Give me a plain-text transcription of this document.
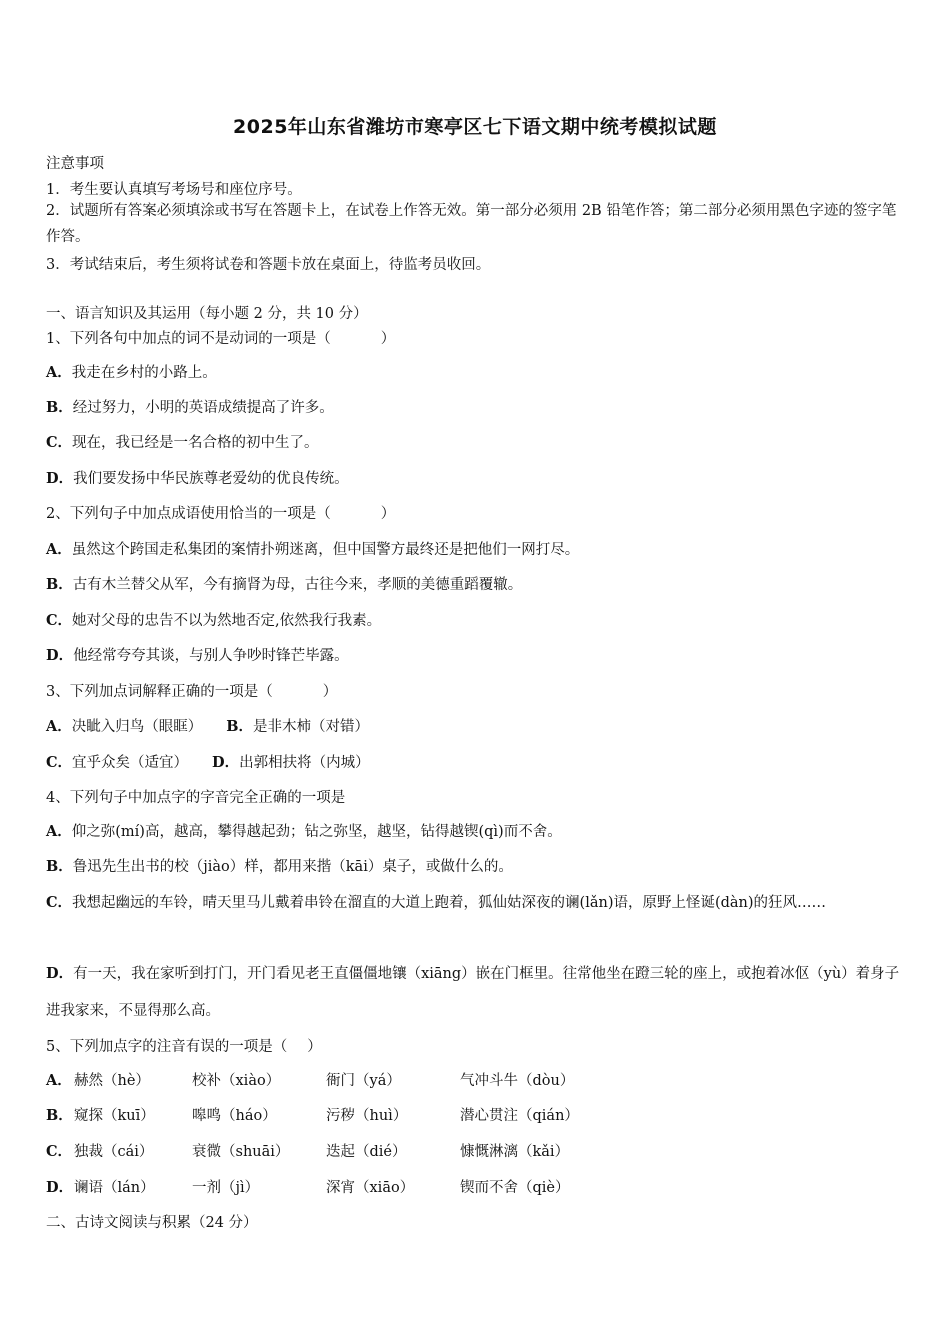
2025年山东省潍坊市寒亭区七下语文期中统考模拟试题
注意事项
1．考生要认真填写考场号和座位序号。
2．试题所有答案必须填涂或书写在答题卡上，在试卷上作答无效。第一部分必须用 2B 铅笔作答；第二部分必须用黑色字迹的签字笔作答。
3．考试结束后，考生须将试卷和答题卡放在桌面上，待监考员收回。
一、语言知识及其运用（每小题 2 分，共 10 分）
1、下列各句中加点的词不是动词的一项是（	）
A．我走在乡村的小路上。
B．经过努力，小明的英语成绩提高了许多。
C．现在，我已经是一名合格的初中生了。
D．我们要发扬中华民族尊老爱幼的优良传统。
2、下列句子中加点成语使用恰当的一项是（	）
A．虽然这个跨国走私集团的案情扑朔迷离，但中国警方最终还是把他们一网打尽。
B．古有木兰替父从军，今有摘肾为母，古往今来，孝顺的美德重蹈覆辙。
C．她对父母的忠告不以为然地否定,依然我行我素。
D．他经常夸夸其谈，与别人争吵时锋芒毕露。
3、下列加点词解释正确的一项是（	）
A．决眦入归鸟（眼眶） B．是非木柿（对错）
C．宜乎众矣（适宜） D．出郭相扶将（内城）
4、下列句子中加点字的字音完全正确的一项是
A．仰之弥(mí)高，越高，攀得越起劲；钻之弥坚，越坚，钻得越锲(qì)而不舍。
B．鲁迅先生出书的校（jiào）样，都用来揩（kāi）桌子，或做什么的。
C．我想起幽远的车铃，晴天里马儿戴着串铃在溜直的大道上跑着，狐仙姑深夜的谰(lǎn)语，原野上怪诞(dàn)的狂风……
D．有一天，我在家听到打门，开门看见老王直僵僵地镶（xiāng）嵌在门框里。往常他坐在蹬三轮的座上，或抱着冰伛（yù）着身子进我家来，不显得那么高。
5、下列加点字的注音有误的一项是（ ）
A． 赫然（hè）	校补（xiào）	衙门（yá）	气冲斗牛（dòu）
B． 窥探（kuī）	嗥鸣（háo）	污秽（huì）	潜心贯注（qián）
C． 独裁（cái）	衰微（shuāi）	迭起（dié）	慷慨淋漓（kǎi）
D． 谰语（lán）	一剂（jì）	深宵（xiāo）	锲而不舍（qiè）
二、古诗文阅读与积累（24 分）
